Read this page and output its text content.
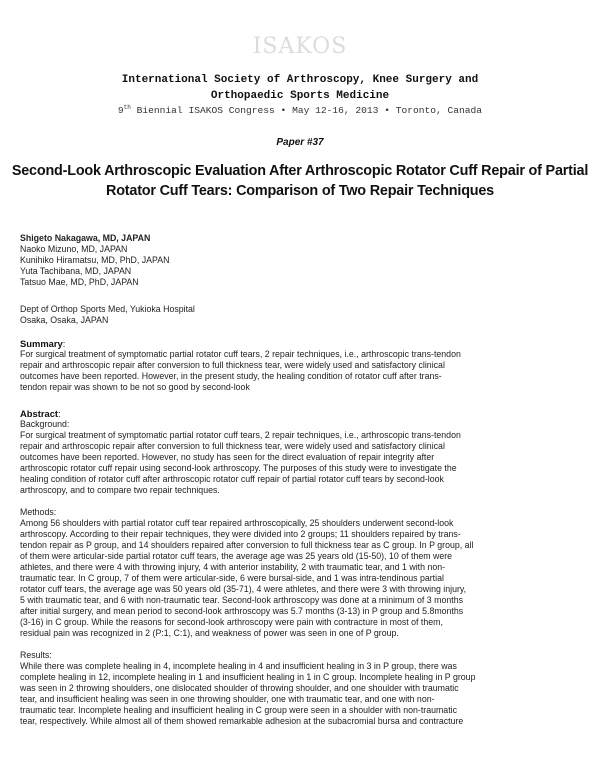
ISAKOS
International Society of Arthroscopy, Knee Surgery and
Orthopaedic Sports Medicine
9th Biennial ISAKOS Congress • May 12-16, 2013 • Toronto, Canada
Paper #37
Second-Look Arthroscopic Evaluation After Arthroscopic Rotator Cuff Repair of Partial Rotator Cuff Tears: Comparison of Two Repair Techniques
Shigeto Nakagawa, MD, JAPAN
Naoko Mizuno, MD, JAPAN
Kunihiko Hiramatsu, MD, PhD, JAPAN
Yuta Tachibana, MD, JAPAN
Tatsuo Mae, MD, PhD, JAPAN
Dept of Orthop Sports Med, Yukioka Hospital
Osaka, Osaka, JAPAN
Summary:
For surgical treatment of symptomatic partial rotator cuff tears, 2 repair techniques, i.e., arthroscopic trans-tendon
repair and arthroscopic repair after conversion to full thickness tear, were widely used and satisfactory clinical
outcomes have been reported. However, in the present study, the healing condition of rotator cuff after trans-
tendon repair was shown to be not so good by second-look
Abstract:
Background:
For surgical treatment of symptomatic partial rotator cuff tears, 2 repair techniques, i.e., arthroscopic trans-tendon
repair and arthroscopic repair after conversion to full thickness tear, were widely used and satisfactory clinical
outcomes have been reported. However, no study has seen for the direct evaluation of repair integrity after
arthroscopic rotator cuff repair using second-look arthroscopy. The purposes of this study were to investigate the
healing condition of rotator cuff after arthroscopic rotator cuff repair of partial rotator cuff tears by second-look
arthroscopy, and to compare two repair techniques.
Methods:
Among 56 shoulders with partial rotator cuff tear repaired arthroscopically, 25 shoulders underwent second-look
arthroscopy. According to their repair techniques, they were divided into 2 groups; 11 shoulders repaired by trans-
tendon repair as P group, and 14 shoulders repaired after conversion to full thickness tear as C group. In P group, all
of them were articular-side partial rotator cuff tears, the average age was 25 years old (15-50), 10 of them were
athletes, and there were 4 with throwing injury, 4 with anterior instability, 2 with traumatic tear, and 1 with non-
traumatic tear. In C group, 7 of them were articular-side, 6 were bursal-side, and 1 was intra-tendinous partial
rotator cuff tears, the average age was 50 years old (35-71), 4 were athletes, and there were 3 with throwing injury,
5 with traumatic tear, and 6 with non-traumatic tear. Second-look arthroscopy was done at a minimum of 3 months
after initial surgery, and mean period to second-look arthroscopy was 5.7 months (3-13) in P group and 5.8months
(3-16) in C group. While the reasons for second-look arthroscopy were pain with contracture in most of them,
residual pain was recognized in 2 (P:1, C:1), and weakness of power was seen in one of P group.
Results:
While there was complete healing in 4, incomplete healing in 4 and insufficient healing in 3 in P group, there was
complete healing in 12, incomplete healing in 1 and insufficient healing in 1 in C group. Incomplete healing in P group
was seen in 2 throwing shoulders, one dislocated shoulder of throwing shoulder, and one shoulder with traumatic
tear, and insufficient healing was seen in one throwing shoulder, one with traumatic tear, and one with non-
traumatic tear. Incomplete healing and insufficient healing in C group were seen in a shoulder with non-traumatic
tear, respectively. While almost all of them showed remarkable adhesion at the subacromial bursa and contracture
